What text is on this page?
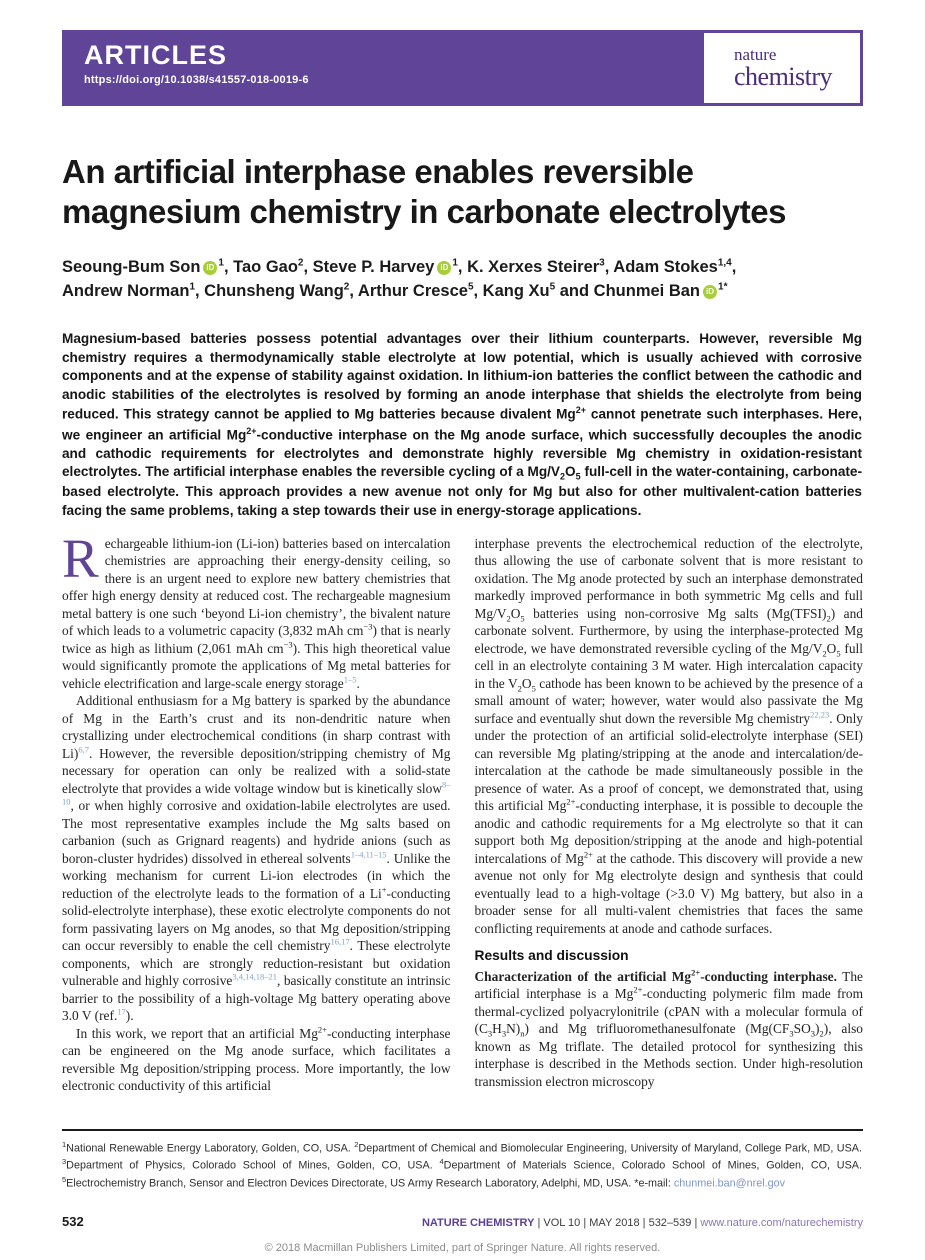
ARTICLES
https://doi.org/10.1038/s41557-018-0019-6
nature
chemistry
An artificial interphase enables reversible magnesium chemistry in carbonate electrolytes
Seoung-Bum Son iD $^1$, Tao Gao$^2$, Steve P. Harvey iD $^1$, K. Xerxes Steirer$^3$, Adam Stokes$^{1,4}$,
Andrew Norman$^1$, Chunsheng Wang$^2$, Arthur Cresce$^5$, Kang Xu$^5$ and Chunmei Ban iD $^{1*}$
Magnesium-based batteries possess potential advantages over their lithium counterparts. However, reversible Mg chemistry requires a thermodynamically stable electrolyte at low potential, which is usually achieved with corrosive components and at the expense of stability against oxidation. In lithium-ion batteries the conflict between the cathodic and anodic stabilities of the electrolytes is resolved by forming an anode interphase that shields the electrolyte from being reduced. This strategy cannot be applied to Mg batteries because divalent $Mg^{2+}$ cannot penetrate such interphases. Here, we engineer an artificial $Mg^{2+}$-conductive interphase on the Mg anode surface, which successfully decouples the anodic and cathodic requirements for electrolytes and demonstrate highly reversible Mg chemistry in oxidation-resistant electrolytes. The artificial interphase enables the reversible cycling of a $Mg/V_2O_5$ full-cell in the water-containing, carbonate-based electrolyte. This approach provides a new avenue not only for Mg but also for other multivalent-cation batteries facing the same problems, taking a step towards their use in energy-storage applications.

Rechargeable lithium-ion (Li-ion) batteries based on intercalation chemistries are approaching their energy-density ceiling, so there is an urgent need to explore new battery chemistries that offer high energy density at reduced cost. The rechargeable magnesium metal battery is one such ‘beyond Li-ion chemistry’, the bivalent nature of which leads to a volumetric capacity (3,832 mAh $cm^{-3}$) that is nearly twice as high as lithium (2,061 mAh $cm^{-3}$). This high theoretical value would significantly promote the applications of Mg metal batteries for vehicle electrification and large-scale energy storage$^{1-5}$.

Additional enthusiasm for a Mg battery is sparked by the abundance of Mg in the Earth’s crust and its non-dendritic nature when crystallizing under electrochemical conditions (in sharp contrast with Li)$^{6,7}$. However, the reversible deposition/stripping chemistry of Mg necessary for operation can only be realized with a solid-state electrolyte that provides a wide voltage window but is kinetically slow$^{8-10}$, or when highly corrosive and oxidation-labile electrolytes are used. The most representative examples include the Mg salts based on carbanion (such as Grignard reagents) and hydride anions (such as boron-cluster hydrides) dissolved in ethereal solvents$^{1-4,11-15}$. Unlike the working mechanism for current Li-ion electrodes (in which the reduction of the electrolyte leads to the formation of a Li+-conducting solid-electrolyte interphase), these exotic electrolyte components do not form passivating layers on Mg anodes, so that Mg deposition/stripping can occur reversibly to enable the cell chemistry$^{16,17}$. These electrolyte components, which are strongly reduction-resistant but oxidation vulnerable and highly corrosive$^{3,4,14,18-21}$, basically constitute an intrinsic barrier to the possibility of a high-voltage Mg battery operating above 3.0 V (ref.$^{17}$).

In this work, we report that an artificial $Mg^{2+}$-conducting interphase can be engineered on the Mg anode surface, which facilitates a reversible Mg deposition/stripping process. More importantly, the low electronic conductivity of this artificial

interphase prevents the electrochemical reduction of the electrolyte, thus allowing the use of carbonate solvent that is more resistant to oxidation. The Mg anode protected by such an interphase demonstrated markedly improved performance in both symmetric Mg cells and full $Mg/V_2O_5$ batteries using non-corrosive Mg salts $(Mg(TFSI)_2)$ and carbonate solvent. Furthermore, by using the interphase-protected Mg electrode, we have demonstrated reversible cycling of the $Mg/V_2O_5$ full cell in an electrolyte containing 3 M water. High intercalation capacity in the $V_2O_5$ cathode has been known to be achieved by the presence of a small amount of water; however, water would also passivate the Mg surface and eventually shut down the reversible Mg chemistry$^{22,23}$. Only under the protection of an artificial solid-electrolyte interphase (SEI) can reversible Mg plating/stripping at the anode and intercalation/de-intercalation at the cathode be made simultaneously possible in the presence of water. As a proof of concept, we demonstrated that, using this artificial $Mg^{2+}$-conducting interphase, it is possible to decouple the anodic and cathodic requirements for a Mg electrolyte so that it can support both Mg deposition/stripping at the anode and high-potential intercalations of $Mg^{2+}$ at the cathode. This discovery will provide a new avenue not only for Mg electrolyte design and synthesis that could eventually lead to a high-voltage (>3.0 V) Mg battery, but also in a broader sense for all multi-valent chemistries that faces the same conflicting requirements at anode and cathode surfaces.

Results and discussion

Characterization of the artificial $Mg^{2+}$-conducting interphase. The artificial interphase is a $Mg^{2+}$-conducting polymeric film made from thermal-cyclized polyacrylonitrile (cPAN with a molecular formula of $(C_3H_3N)_n$) and Mg trifluoromethanesulfonate $(Mg(CF_3SO_3)_2)$, also known as Mg triflate. The detailed protocol for synthesizing this interphase is described in the Methods section. Under high-resolution transmission electron microscopy

$^1$National Renewable Energy Laboratory, Golden, CO, USA. $^2$Department of Chemical and Biomolecular Engineering, University of Maryland, College Park, MD, USA. $^3$Department of Physics, Colorado School of Mines, Golden, CO, USA. $^4$Department of Materials Science, Colorado School of Mines, Golden, CO, USA. $^5$Electrochemistry Branch, Sensor and Electron Devices Directorate, US Army Research Laboratory, Adelphi, MD, USA. *e-mail: chunmei.ban@nrel.gov
532	NATURE CHEMISTRY | VOL 10 | MAY 2018 | 532–539 | www.nature.com/naturechemistry
© 2018 Macmillan Publishers Limited, part of Springer Nature. All rights reserved.
